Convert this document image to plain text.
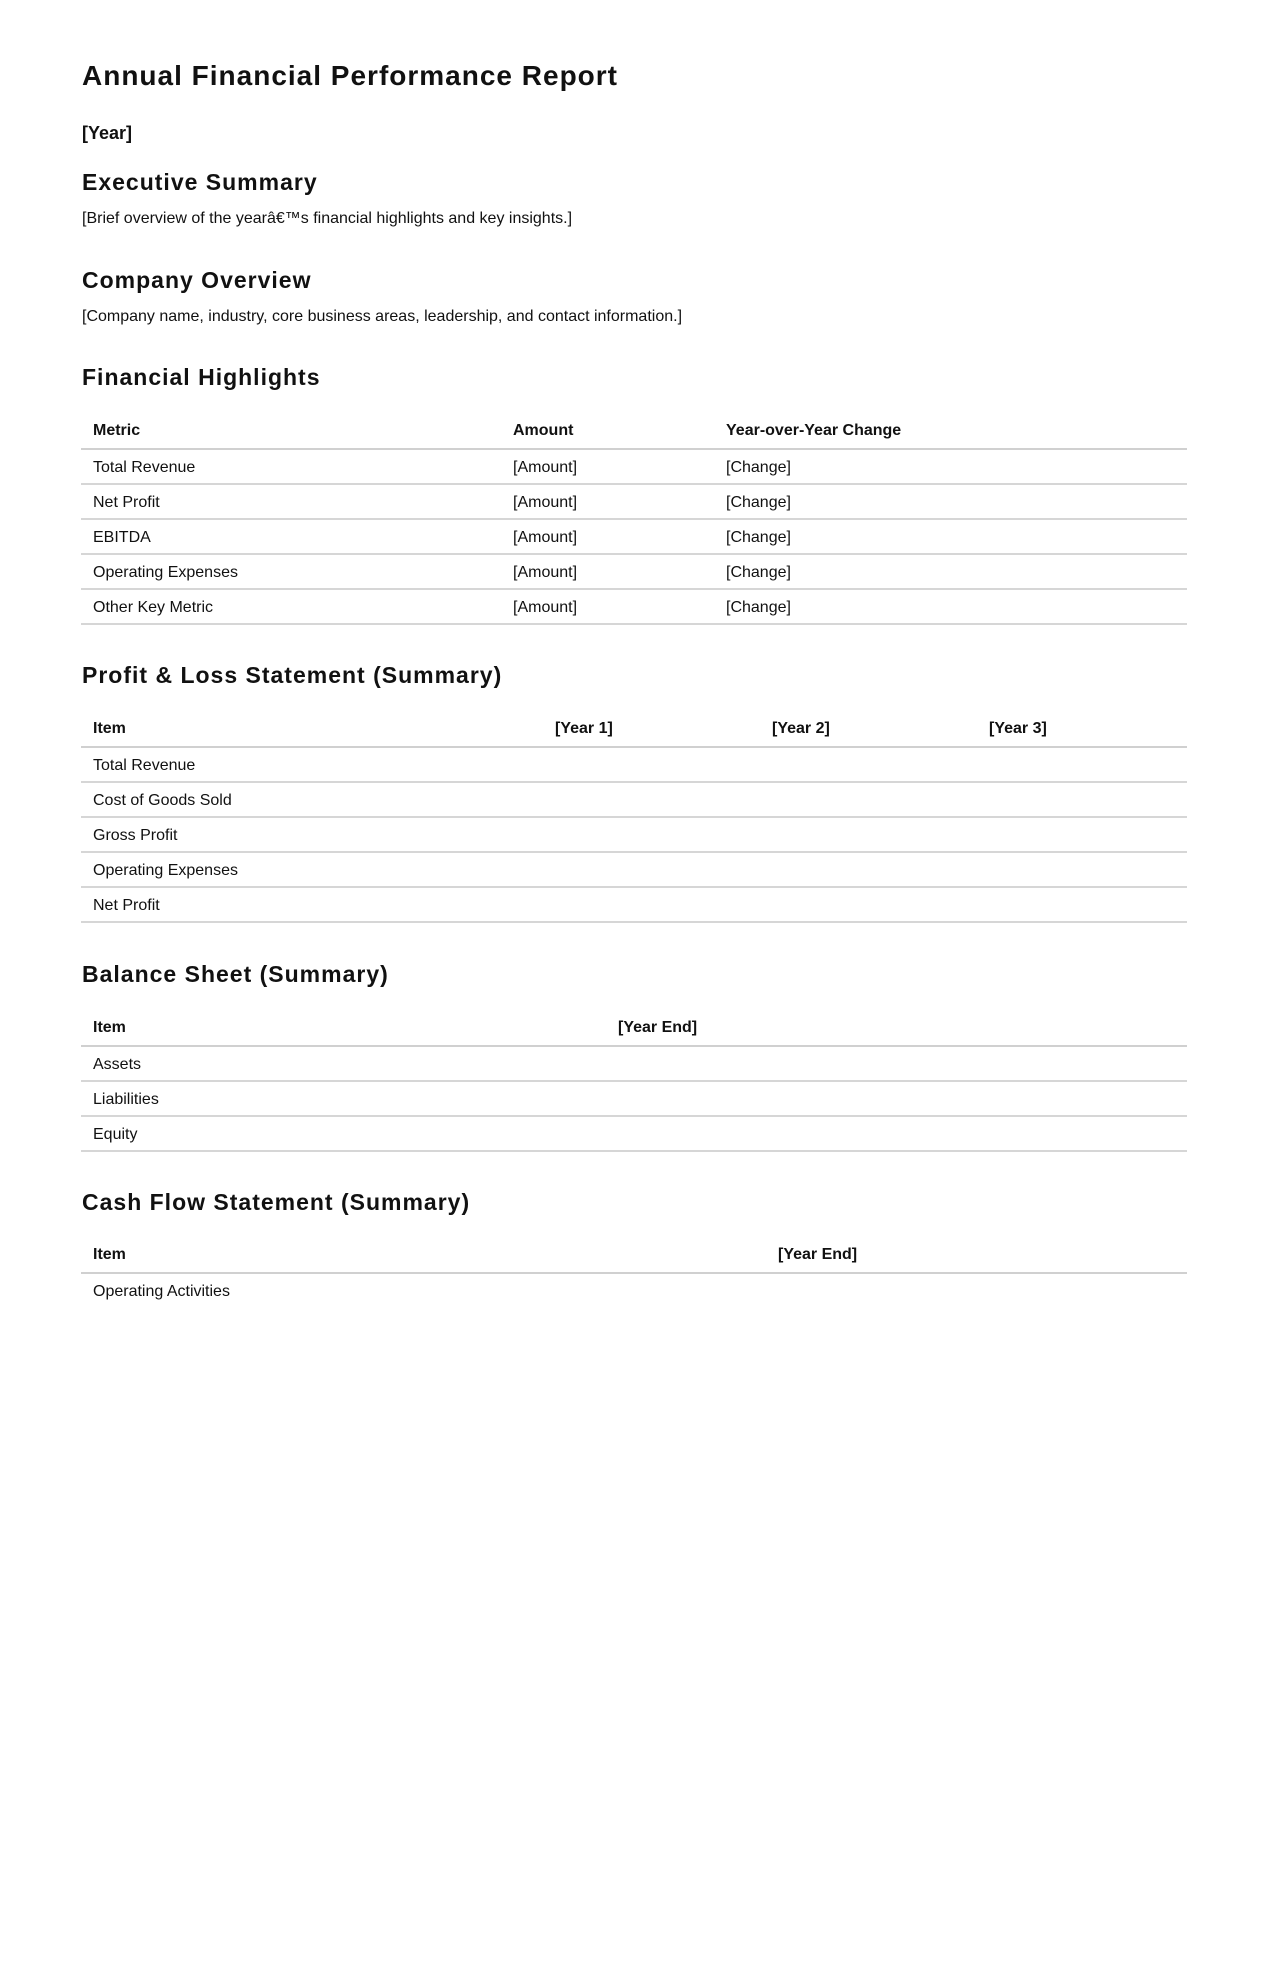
Annual Financial Performance Report
[Year]
Executive Summary

[Brief overview of the yearâ€™s financial highlights and key insights.]

Company Overview

[Company name, industry, core business areas, leadership, and contact information.]

Financial Highlights
Metric	Amount	Year-over-Year Change
Total Revenue	[Amount]	[Change]
Net Profit	[Amount]	[Change]
EBITDA	[Amount]	[Change]
Operating Expenses	[Amount]	[Change]
Other Key Metric	[Amount]	[Change]
Profit & Loss Statement (Summary)
Item	[Year 1]	[Year 2]	[Year 3]
Total Revenue			
Cost of Goods Sold			
Gross Profit			
Operating Expenses			
Net Profit			
Balance Sheet (Summary)
Item	[Year End]
Assets	
Liabilities	
Equity	
Cash Flow Statement (Summary)
Item	[Year End]
Operating Activities	
